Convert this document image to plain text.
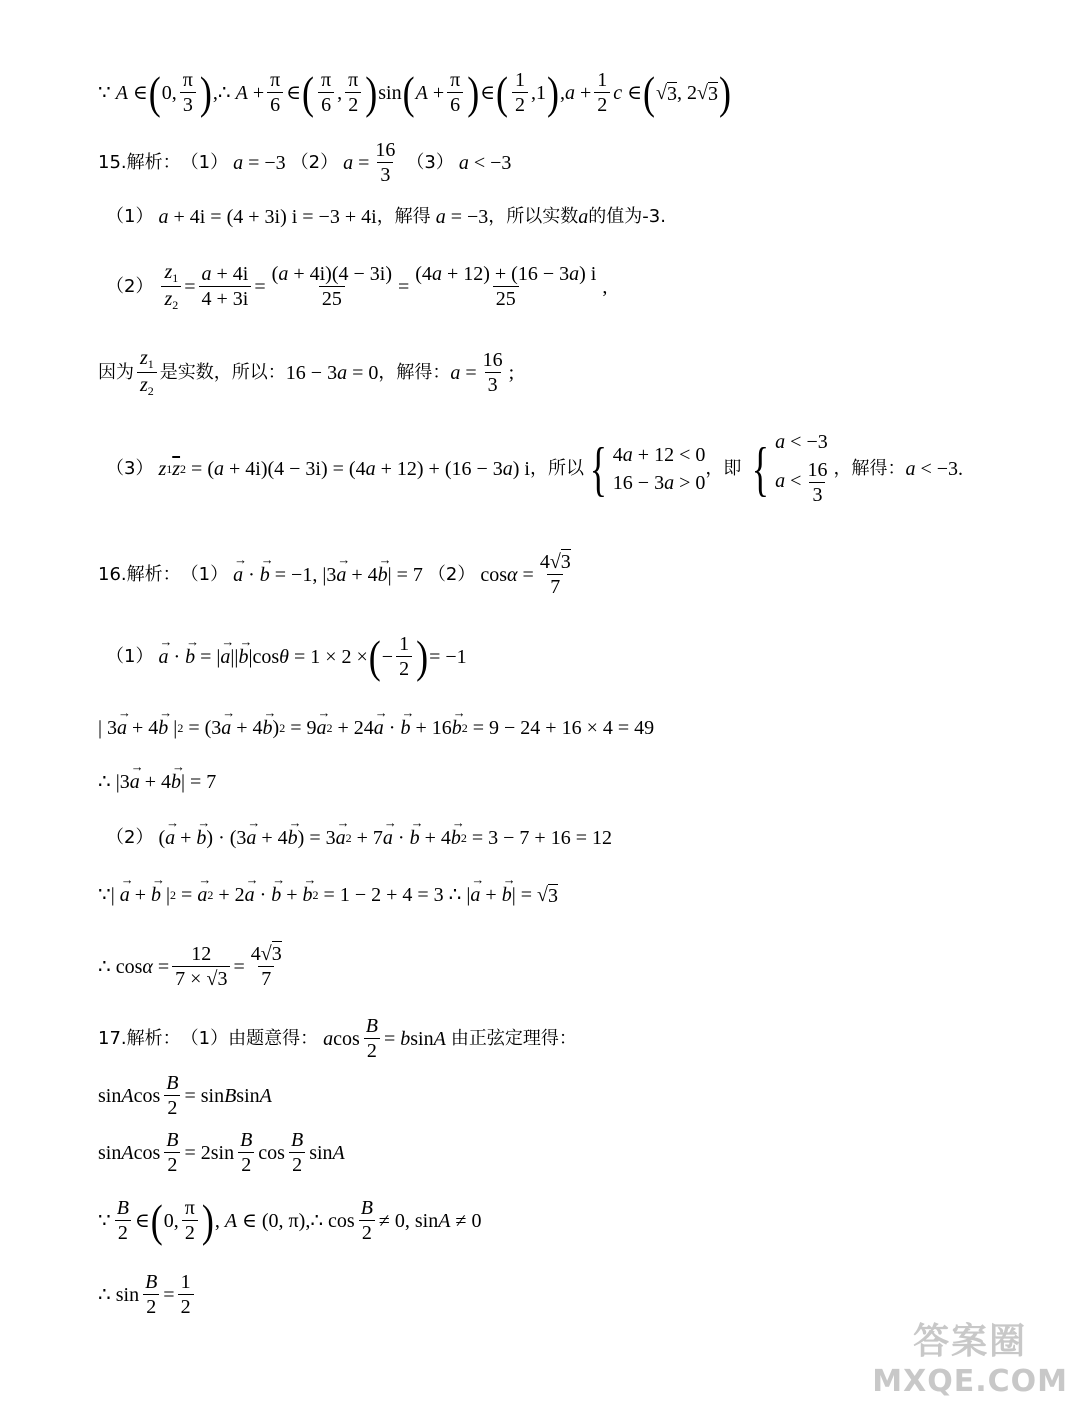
∵ A ∈ ( 0, $\frac{\pi}{3}$ ) ,∴ $A + \frac{\pi}{6}$ ∈ ( $\frac{\pi}{6}$ , $\frac{\pi}{2}$ ) sin ( $A + \frac{\pi}{6}$ ) ∈ ( $\frac{1}{2} ,1$ ) , $a + \frac{1}{2}$ c ∈ ( √ 3 , 2√ 3 )
15.解析： （1）
a = −3 （2）
$a = \frac{16}{3}$
（3）
a < −3
（1）
a + 4i = (4 + 3i) i = −3 + 4i ，解得
a = −3 ，所以实数 a 的值为-3.
（2）
$\frac{z_1}{z_2} = \frac{a + 4i}{4 + 3i} = \frac{(a + 4i)(4 - 3i)}{25} = \frac{(4a + 12) + (16 - 3a) i}{25}$ ,
因为 $\frac{z_1}{z_2}$ 是实数，所以： 16 − 3 a = 0 ，解得： $a = \frac{16}{3}$ ;
（3）
z 1 $\overline{z}$ 2 = ( a + 4i)(4 − 3i) = (4 a + 12) + (16 − 3 a ) i ，所以 { 4a + 12 < 0
16 − 3a > 0
，即
{ a < −3
$a < \frac{16}{3}$ ，解得： a < −3.
16.解析： （1）
→ a · → b = −1, |3 → a + 4 → b | = 7 （2） $\cos \alpha = \frac{4√3}{7}$
（1）
→ a · → b = | → a || → b |cos θ = 1 × 2 × ( − $\frac{1}{2}$ ) = −1
| 3 → a + 4 → b | 2 = (3 → a + 4 → b ) 2 = 9 → a 2 + 24 → a · → b + 16 → b 2 = 9 − 24 + 16 × 4 = 49
∴ |3 → a + 4 → b | = 7
（2） ( → a + → b ) · (3 → a + 4 → b ) = 3 → a 2 + 7 → a · → b + 4 → b 2 = 3 − 7 + 16 = 12
∵| → a + → b | 2 = → a 2 + 2 → a · → b + → b 2 = 1 − 2 + 4 = 3 ∴ | → a + → b | = √ 3
∴ $\cos \alpha = \frac{12}{7 \times √3} = \frac{4√3}{7}$
17.解析： （1）由题意得：
a $\cos \frac{B}{2} = b$ sin A
由正弦定理得：
sin A $\cos \frac{B}{2} = \sin B$ sin A
sin A $\cos \frac{B}{2} = 2\sin \frac{B}{2}$ $\cos \frac{B}{2}$ sin A
∵ $\frac{B}{2}$ ∈ ( 0, $\frac{\pi}{2}$ ) , A ∈ (0, π),∴ $\cos \frac{B}{2} \ne 0$, sin A ≠ 0
∴ $\sin \frac{B}{2} = \frac{1}{2}$
答案圈
MXQE.COM
